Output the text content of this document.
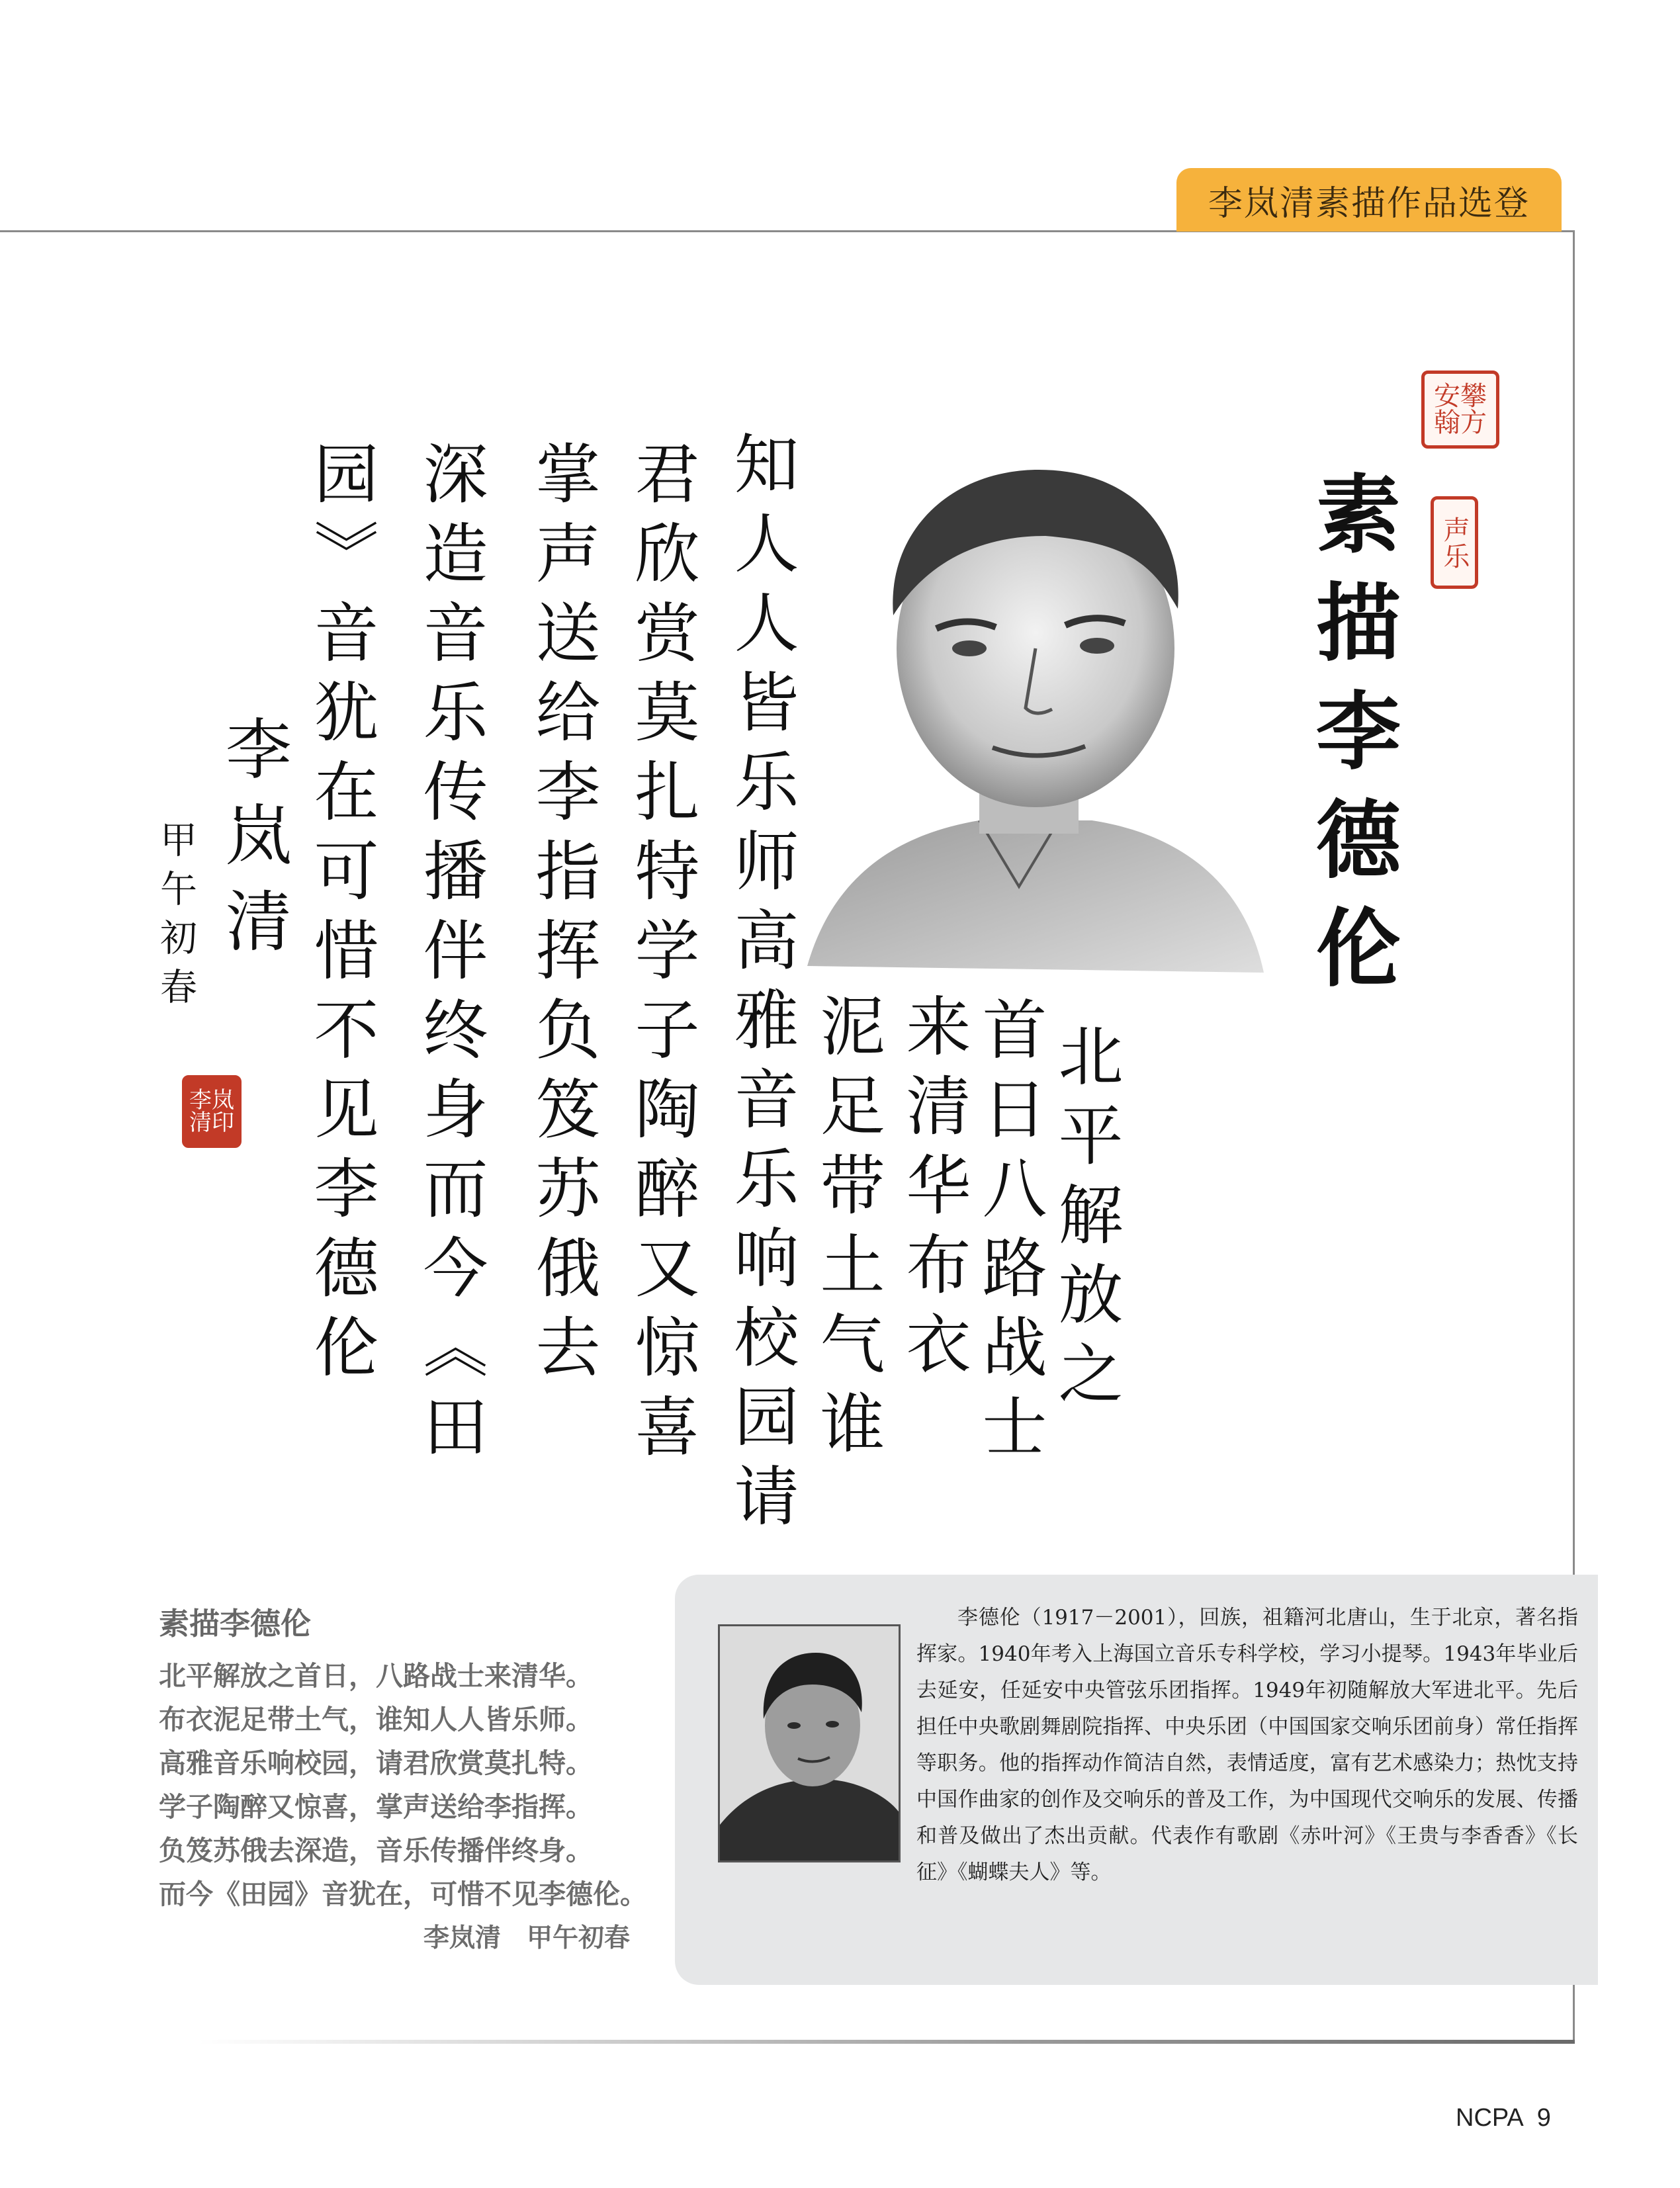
李岚清素描作品选登
安攀翰方
声乐
李岚清印
素描李德伦
北平解放之
首日八路战士
来清华布衣
泥足带土气谁
知人人皆乐师高雅音乐响校园请
君欣赏莫扎特学子陶醉又惊喜
掌声送给李指挥负笈苏俄去
深造音乐传播伴终身而今《田
园》音犹在可惜不见李德伦
李岚清
甲午初春
素描李德伦
北平解放之首日，八路战士来清华。
布衣泥足带土气，谁知人人皆乐师。
高雅音乐响校园，请君欣赏莫扎特。
学子陶醉又惊喜，掌声送给李指挥。
负笈苏俄去深造，音乐传播伴终身。
而今《田园》音犹在，可惜不见李德伦。
李岚清　甲午初春
李德伦（1917－2001），回族，祖籍河北唐山，生于北京，著名指挥家。1940年考入上海国立音乐专科学校，学习小提琴。1943年毕业后去延安，任延安中央管弦乐团指挥。1949年初随解放大军进北平。先后担任中央歌剧舞剧院指挥、中央乐团（中国国家交响乐团前身）常任指挥等职务。他的指挥动作简洁自然，表情适度，富有艺术感染力；热忱支持中国作曲家的创作及交响乐的普及工作，为中国现代交响乐的发展、传播和普及做出了杰出贡献。代表作有歌剧《赤叶河》《王贵与李香香》《长征》《蝴蝶夫人》等。
NCPA 9
